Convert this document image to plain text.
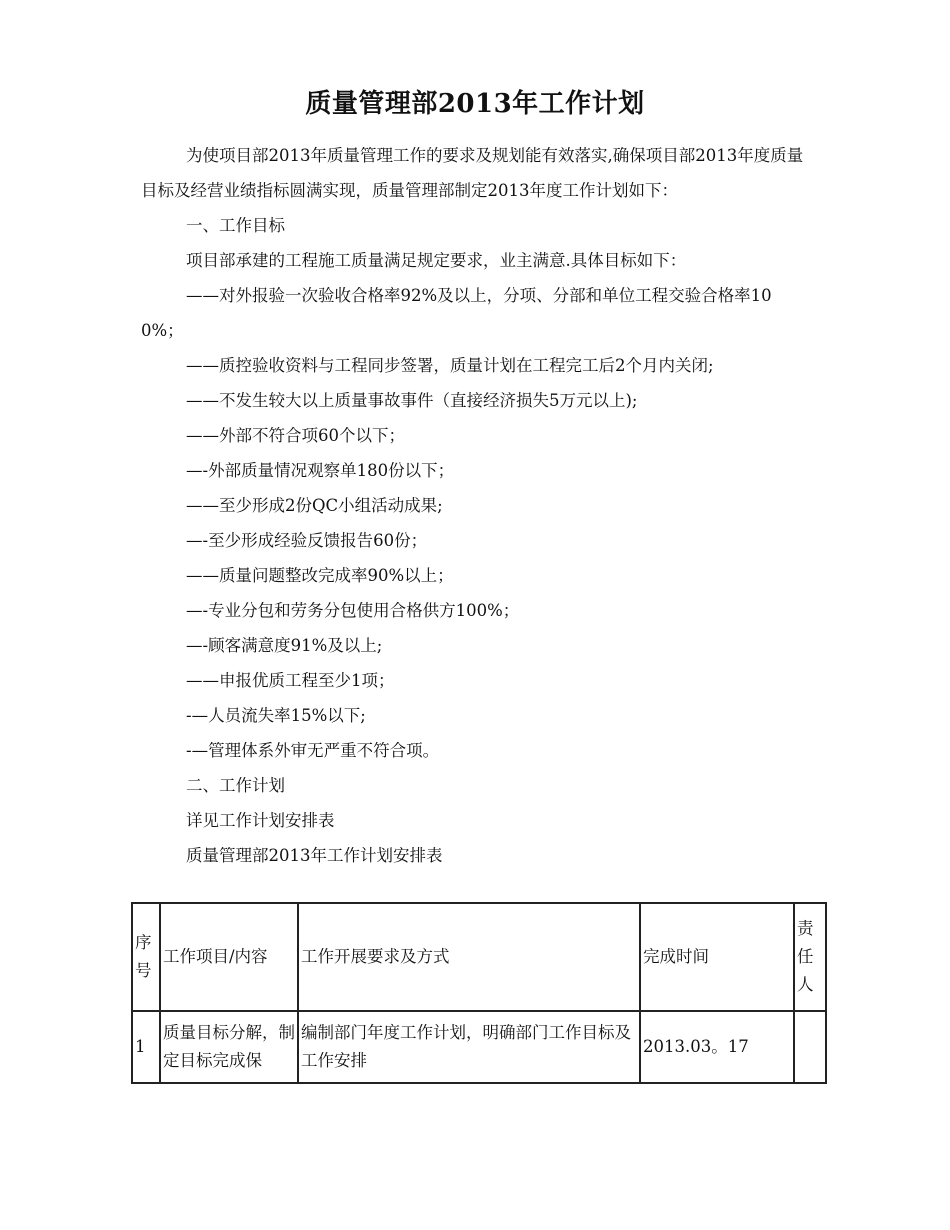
质量管理部2013年工作计划

为使项目部2013年质量管理工作的要求及规划能有效落实,确保项目部2013年度质量目标及经营业绩指标圆满实现，质量管理部制定2013年度工作计划如下：

一、工作目标

项目部承建的工程施工质量满足规定要求，业主满意.具体目标如下：

——对外报验一次验收合格率92%及以上，分项、分部和单位工程交验合格率100%；

——质控验收资料与工程同步签署，质量计划在工程完工后2个月内关闭;

——不发生较大以上质量事故事件（直接经济损失5万元以上);

——外部不符合项60个以下；

—-外部质量情况观察单180份以下；

——至少形成2份QC小组活动成果;

—-至少形成经验反馈报告60份；

——质量问题整改完成率90%以上；

—-专业分包和劳务分包使用合格供方100%；

—-顾客满意度91%及以上;

——申报优质工程至少1项；

-—人员流失率15%以下;

-—管理体系外审无严重不符合项。

二、工作计划

详见工作计划安排表

质量管理部2013年工作计划安排表

序号	工作项目/内容	工作开展要求及方式	完成时间	责任人
1	质量目标分解，制定目标完成保	编制部门年度工作计划，明确部门工作目标及工作安排	2013.03。17	
